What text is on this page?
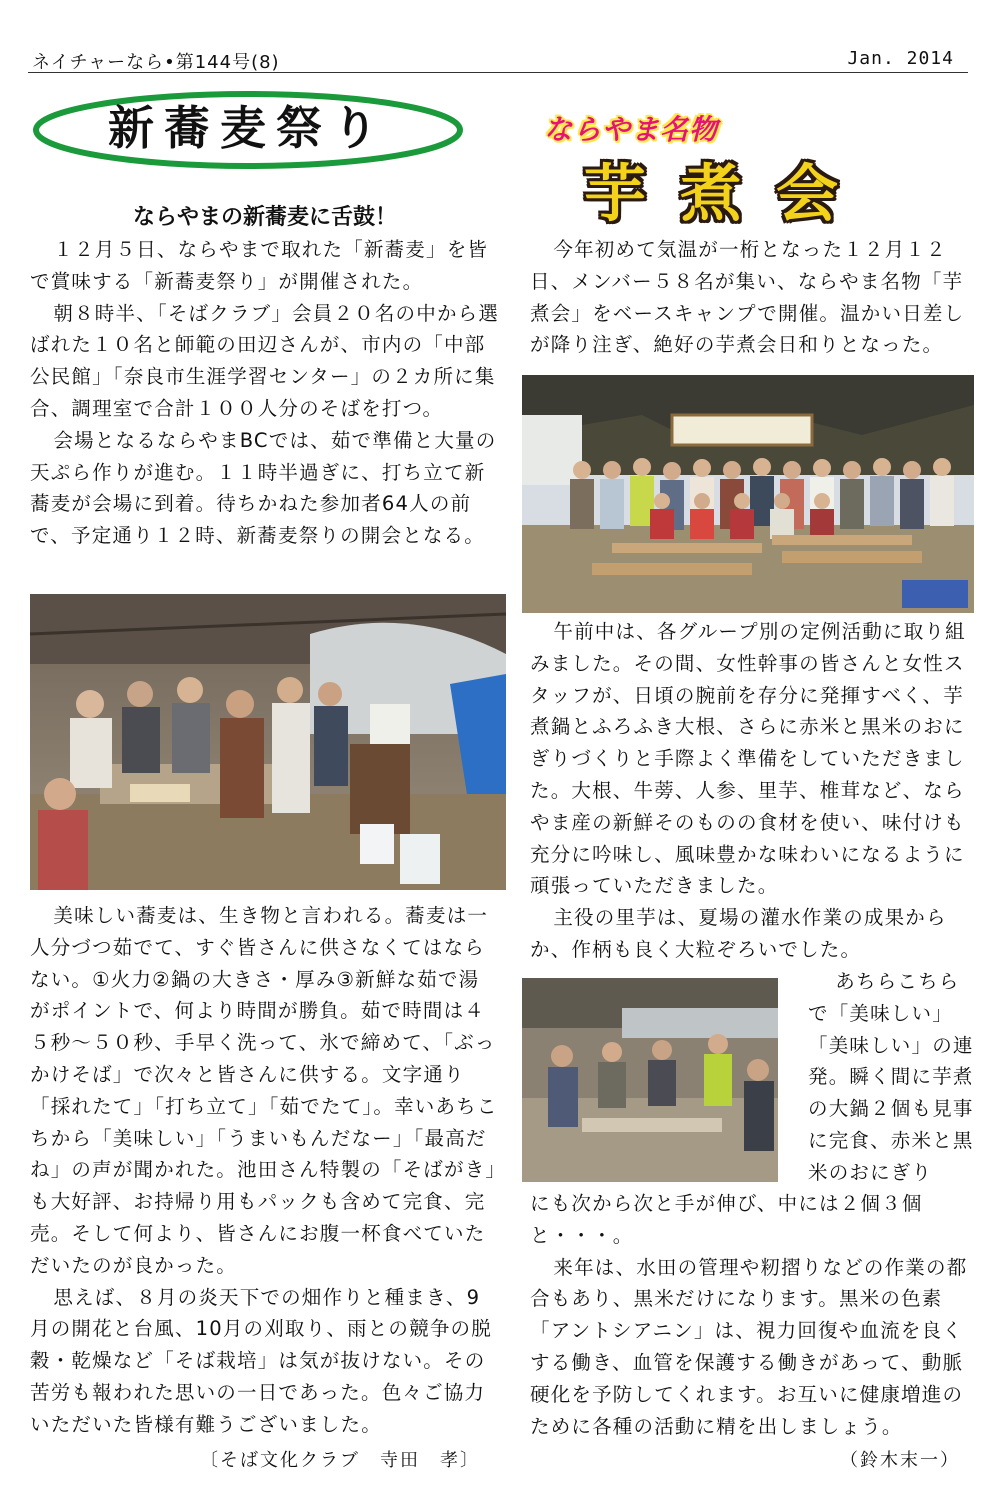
ネイチャーなら•第144号(8)	Jan. 2014
新蕎麦祭り
ならやまの新蕎麦に舌鼓！
ならやま名物
芋煮会

１２月５日、ならやまで取れた「新蕎麦」を皆で賞味する「新蕎麦祭り」が開催された。

朝８時半、「そばクラブ」会員２０名の中から選ばれた１０名と師範の田辺さんが、市内の「中部公民館」「奈良市生涯学習センター」の２カ所に集合、調理室で合計１００人分のそばを打つ。

会場となるならやまBCでは、茹で準備と大量の天ぷら作りが進む。１１時半過ぎに、打ち立て新蕎麦が会場に到着。待ちかねた参加者64人の前で、予定通り１２時、新蕎麦祭りの開会となる。

美味しい蕎麦は、生き物と言われる。蕎麦は一人分づつ茹でて、すぐ皆さんに供さなくてはならない。①火力②鍋の大きさ・厚み③新鮮な茹で湯がポイントで、何より時間が勝負。茹で時間は４５秒～５０秒、手早く洗って、氷で締めて、「ぶっかけそば」で次々と皆さんに供する。文字通り「採れたて」「打ち立て」「茹でたて」。幸いあちこちから「美味しい」「うまいもんだなー」「最高だね」の声が聞かれた。池田さん特製の「そばがき」も大好評、お持帰り用もパックも含めて完食、完売。そして何より、皆さんにお腹一杯食べていただいたのが良かった。

思えば、８月の炎天下での畑作りと種まき、9月の開花と台風、10月の刈取り、雨との競争の脱穀・乾燥など「そば栽培」は気が抜けない。その苦労も報われた思いの一日であった。色々ご協力いただいた皆様有難うございました。

〔そば文化クラブ　寺田　孝〕

今年初めて気温が一桁となった１２月１２日、メンバー５８名が集い、ならやま名物「芋煮会」をベースキャンプで開催。温かい日差しが降り注ぎ、絶好の芋煮会日和りとなった。

午前中は、各グループ別の定例活動に取り組みました。その間、女性幹事の皆さんと女性スタッフが、日頃の腕前を存分に発揮すべく、芋煮鍋とふろふき大根、さらに赤米と黒米のおにぎりづくりと手際よく準備をしていただきました。大根、牛蒡、人参、里芋、椎茸など、ならやま産の新鮮そのものの食材を使い、味付けも充分に吟味し、風味豊かな味わいになるように頑張っていただきました。

主役の里芋は、夏場の灌水作業の成果からか、作柄も良く大粒ぞろいでした。

あちらこちらで「美味しい」「美味しい」の連発。瞬く間に芋煮の大鍋２個も見事に完食、赤米と黒米のおにぎり

にも次から次と手が伸び、中には２個３個と・・・。

来年は、水田の管理や籾摺りなどの作業の都合もあり、黒米だけになります。黒米の色素「アントシアニン」は、視力回復や血流を良くする働き、血管を保護する働きがあって、動脈硬化を予防してくれます。お互いに健康増進のために各種の活動に精を出しましょう。

（鈴木末一）
